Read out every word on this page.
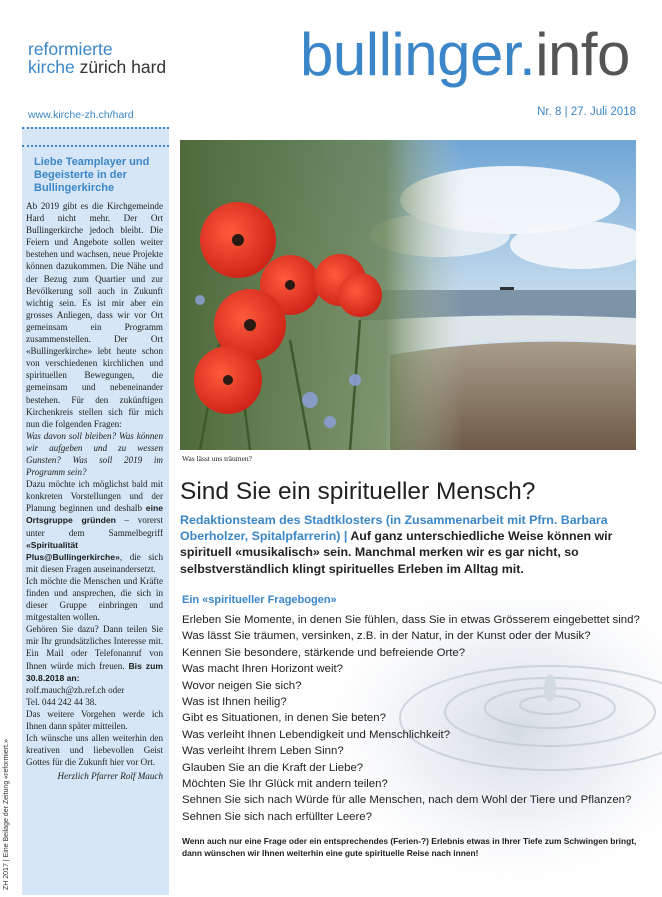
reformierte
kirche zürich hard bullinger.info
www.kirche-zh.ch/hard	Nr. 8 | 27. Juli 2018
Liebe Teamplayer und Begeisterte in der Bullingerkirche

Ab 2019 gibt es die Kirchgemeinde Hard nicht mehr. Der Ort Bullingerkirche jedoch bleibt. Die Feiern und Angebote sollen weiter bestehen und wachsen, neue Projekte können dazukommen. Die Nähe und der Bezug zum Quartier und zur Bevölkerung soll auch in Zukunft wichtig sein. Es ist mir aber ein grosses Anliegen, dass wir vor Ort gemeinsam ein Programm zusammenstellen. Der Ort «Bullingerkirche» lebt heute schon von verschiedenen kirchlichen und spirituellen Bewegungen, die gemeinsam und nebeneinander bestehen. Für den zukünftigen Kirchenkreis stellen sich für mich nun die folgenden Fragen:

Was davon soll bleiben? Was können wir aufgeben und zu wessen Gunsten? Was soll 2019 im Programm sein?

Dazu möchte ich möglichst bald mit konkreten Vorstellungen und der Planung beginnen und deshalb eine Ortsgruppe gründen – vorerst unter dem Sammelbegriff «Spiritualität Plus@Bullingerkirche», die sich mit diesen Fragen auseinandersetzt.

Ich möchte die Menschen und Kräfte finden und ansprechen, die sich in dieser Gruppe einbringen und mitgestalten wollen.

Gehören Sie dazu? Dann teilen Sie mir Ihr grundsätzliches Interesse mit. Ein Mail oder Telefonanruf von Ihnen würde mich freuen. Bis zum 30.8.2018 an:

rolf.mauch@zh.ref.ch oder

Tel. 044 242 44 38.

Das weitere Vorgehen werde ich Ihnen dann später mitteilen.

Ich wünsche uns allen weiterhin den kreativen und liebevollen Geist Gottes für die Zukunft hier vor Ort.

Herzlich Pfarrer Rolf Mauch

ZH 2017 | Eine Beilage der Zeitung «reformiert.»
Was lässt uns träumen?
Sind Sie ein spiritueller Mensch?
Redaktionsteam des Stadtklosters (in Zusammenarbeit mit Pfrn. Barbara Oberholzer, Spitalpfarrerin) | Auf ganz unterschiedliche Weise können wir spirituell «musikalisch» sein. Manchmal merken wir es gar nicht, so selbstverständlich klingt spirituelles Erleben im Alltag mit.
Ein «spiritueller Fragebogen»
Erleben Sie Momente, in denen Sie fühlen, dass Sie in etwas Grösserem eingebettet sind?
Was lässt Sie träumen, versinken, z.B. in der Natur, in der Kunst oder der Musik?
Kennen Sie besondere, stärkende und befreiende Orte?
Was macht Ihren Horizont weit?
Wovor neigen Sie sich?
Was ist Ihnen heilig?
Gibt es Situationen, in denen Sie beten?
Was verleiht Ihnen Lebendigkeit und Menschlichkeit?
Was verleiht Ihrem Leben Sinn?
Glauben Sie an die Kraft der Liebe?
Möchten Sie Ihr Glück mit andern teilen?
Sehnen Sie sich nach Würde für alle Menschen, nach dem Wohl der Tiere und Pflanzen?
Sehnen Sie sich nach erfüllter Leere?
Wenn auch nur eine Frage oder ein entsprechendes (Ferien-?) Erlebnis etwas in Ihrer Tiefe zum Schwingen bringt, dann wünschen wir Ihnen weiterhin eine gute spirituelle Reise nach innen!
